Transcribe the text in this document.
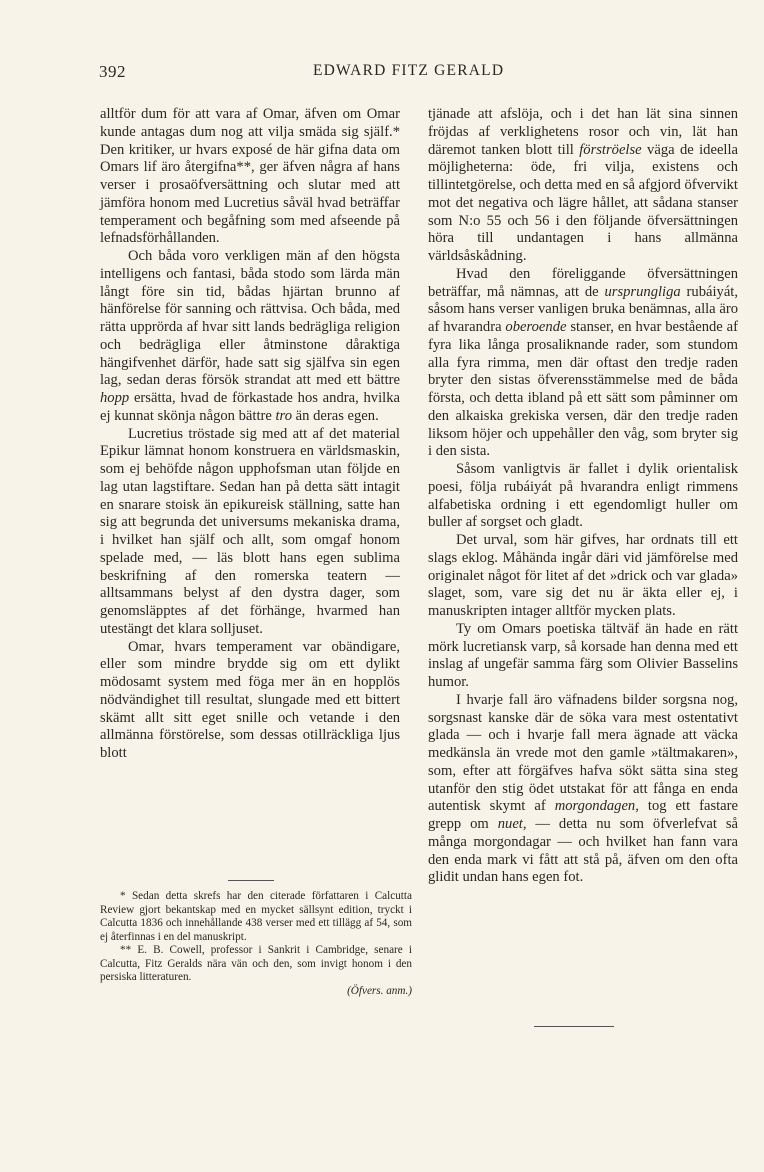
392	EDWARD FITZ GERALD

alltför dum för att vara af Omar, äfven om Omar kunde antagas dum nog att vilja smäda sig själf.* Den kritiker, ur hvars exposé de här gifna data om Omars lif äro återgifna**, ger äfven några af hans verser i prosaöfversättning och slutar med att jämföra honom med Lucretius såväl hvad beträffar temperament och begåfning som med afseende på lefnadsförhållanden.

Och båda voro verkligen män af den högsta intelligens och fantasi, båda stodo som lärda män långt före sin tid, bådas hjärtan brunno af hänförelse för sanning och rättvisa. Och båda, med rätta upprörda af hvar sitt lands bedrägliga religion och bedrägliga eller åtminstone dåraktiga hängifvenhet därför, hade satt sig själfva sin egen lag, sedan deras försök strandat att med ett bättre hopp ersätta, hvad de förkastade hos andra, hvilka ej kunnat skönja någon bättre tro än deras egen.

Lucretius tröstade sig med att af det material Epikur lämnat honom konstruera en världsmaskin, som ej behöfde någon upphofsman utan följde en lag utan lagstiftare. Sedan han på detta sätt intagit en snarare stoisk än epikureisk ställning, satte han sig att begrunda det universums mekaniska drama, i hvilket han själf och allt, som omgaf honom spelade med, — läs blott hans egen sublima beskrifning af den romerska teatern — alltsammans belyst af den dystra dager, som genomsläpptes af det förhänge, hvarmed han utestängt det klara solljuset.

Omar, hvars temperament var obändigare, eller som mindre brydde sig om ett dylikt mödosamt system med föga mer än en hopplös nödvändighet till resultat, slungade med ett bittert skämt allt sitt eget snille och vetande i den allmänna förstörelse, som dessas otillräckliga ljus blott

tjänade att afslöja, och i det han lät sina sinnen fröjdas af verklighetens rosor och vin, lät han däremot tanken blott till förströelse väga de ideella möjligheterna: öde, fri vilja, existens och tillintetgörelse, och detta med en så afgjord öfvervikt mot det negativa och lägre hållet, att sådana stanser som N:o 55 och 56 i den följande öfversättningen höra till undantagen i hans allmänna världsåskådning.

Hvad den föreliggande öfversättningen beträffar, må nämnas, att de ursprungliga rubáiyát, såsom hans verser vanligen bruka benämnas, alla äro af hvarandra oberoende stanser, en hvar bestående af fyra lika långa prosaliknande rader, som stundom alla fyra rimma, men där oftast den tredje raden bryter den sistas öfverensstämmelse med de båda första, och detta ibland på ett sätt som påminner om den alkaiska grekiska versen, där den tredje raden liksom höjer och uppehåller den våg, som bryter sig i den sista.

Såsom vanligtvis är fallet i dylik orientalisk poesi, följa rubáiyát på hvarandra enligt rimmens alfabetiska ordning i ett egendomligt huller om buller af sorgset och gladt.

Det urval, som här gifves, har ordnats till ett slags eklog. Måhända ingår däri vid jämförelse med originalet något för litet af det »drick och var glada» slaget, som, vare sig det nu är äkta eller ej, i manuskripten intager alltför mycken plats.

Ty om Omars poetiska tältväf än hade en rätt mörk lucretiansk varp, så korsade han denna med ett inslag af ungefär samma färg som Olivier Basselins humor.

I hvarje fall äro väfnadens bilder sorgsna nog, sorgsnast kanske där de söka vara mest ostentativt glada — och i hvarje fall mera ägnade att väcka medkänsla än vrede mot den gamle »tältmakaren», som, efter att förgäfves hafva sökt sätta sina steg utanför den stig ödet utstakat för att fånga en enda autentisk skymt af morgondagen, tog ett fastare grepp om nuet, — detta nu som öfverlefvat så många morgondagar — och hvilket han fann vara den enda mark vi fått att stå på, äfven om den ofta glidit undan hans egen fot.

* Sedan detta skrefs har den citerade författaren i Calcutta Review gjort bekantskap med en mycket sällsynt edition, tryckt i Calcutta 1836 och innehållande 438 verser med ett tillägg af 54, som ej återfinnas i en del manuskript.

** E. B. Cowell, professor i Sankrit i Cambridge, senare i Calcutta, Fitz Geralds nära vän och den, som invigt honom i den persiska litteraturen.

(Öfvers. anm.)
